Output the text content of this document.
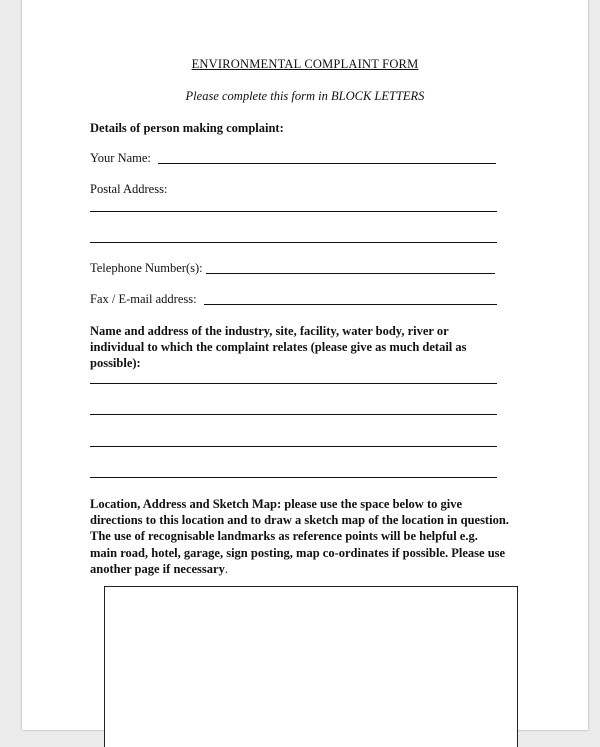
ENVIRONMENTAL COMPLAINT FORM
Please complete this form in BLOCK LETTERS
Details of person making complaint:
Your Name:
Postal Address:
Telephone Number(s):
Fax / E-mail address:
Name and address of the industry, site, facility, water body, river or
individual to which the complaint relates (please give as much detail as
possible):
Location, Address and Sketch Map: please use the space below to give
directions to this location and to draw a sketch map of the location in question.
The use of recognisable landmarks as reference points will be helpful e.g.
main road, hotel, garage, sign posting, map co-ordinates if possible. Please use
another page if necessary.
